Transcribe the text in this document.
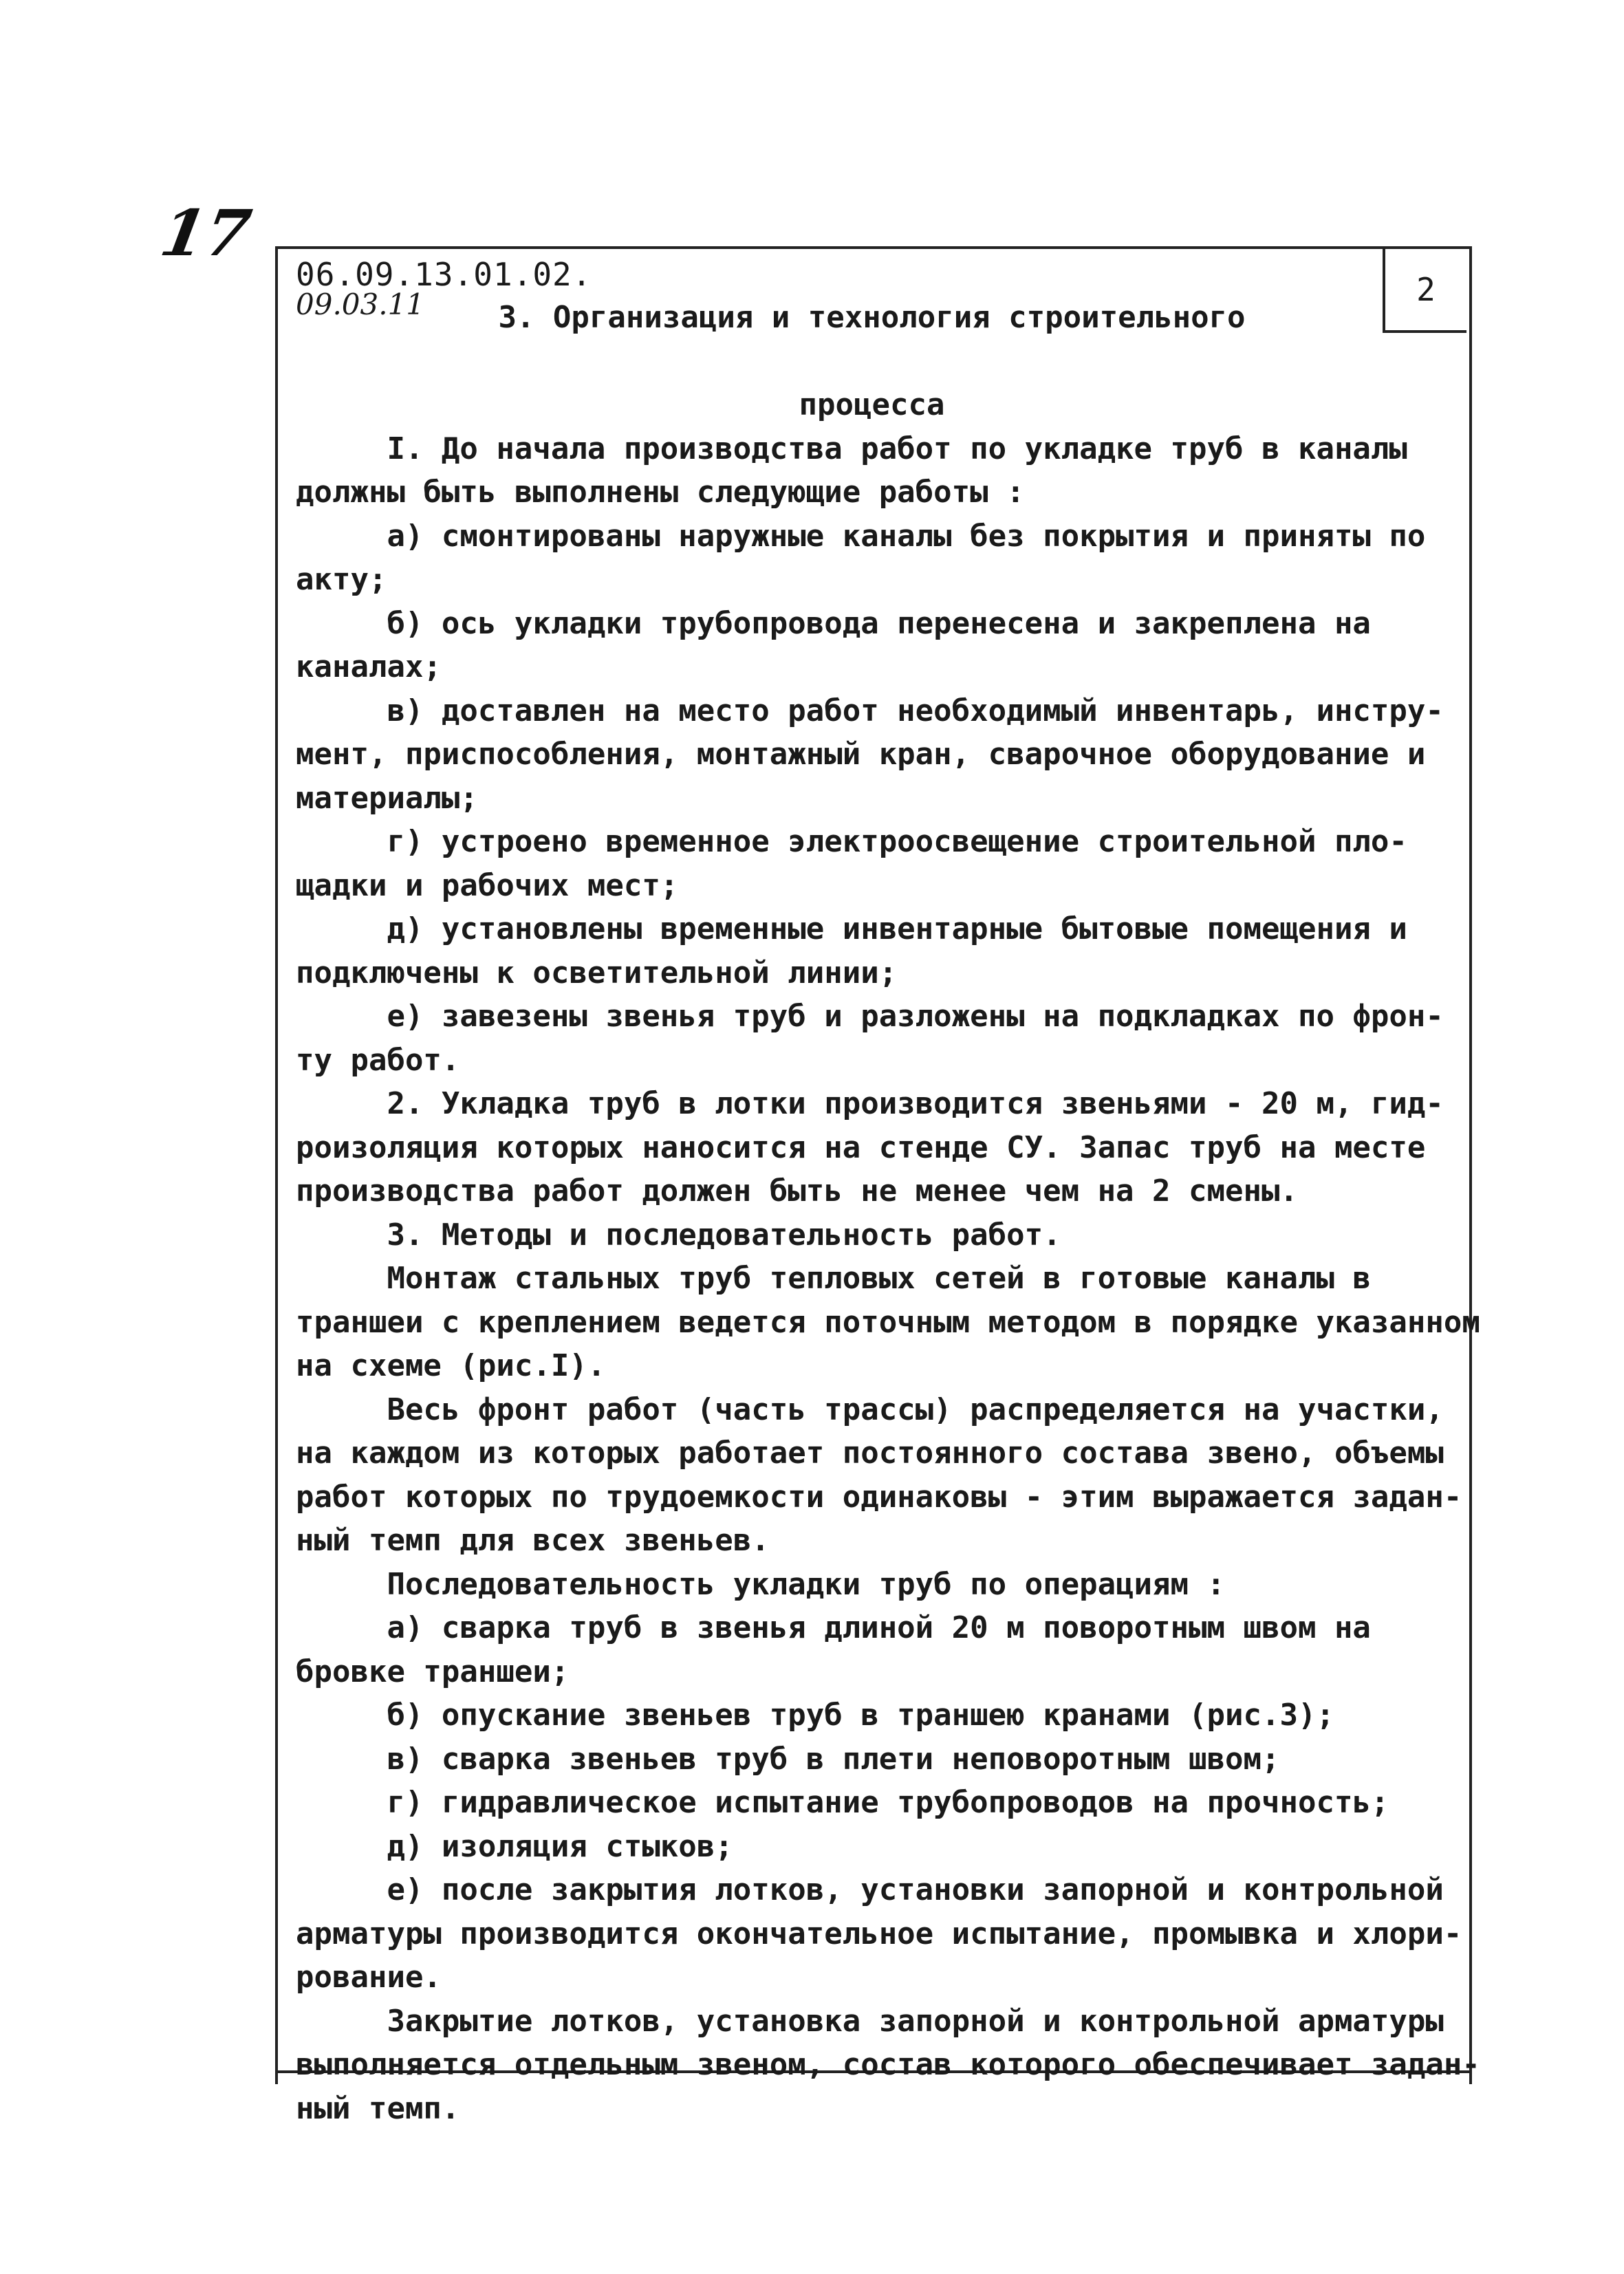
17
2
06.09.13.01.02.
09.03.11	3. Организация и технология строительного

процесса
I. До начала производства работ по укладке труб в каналы
должны быть выполнены следующие работы :
а) смонтированы наружные каналы без покрытия и приняты по
акту;
б) ось укладки трубопровода перенесена и закреплена на
каналах;
в) доставлен на место работ необходимый инвентарь, инстру-
мент, приспособления, монтажный кран, сварочное оборудование и
материалы;
г) устроено временное электроосвещение строительной пло-
щадки и рабочих мест;
д) установлены временные инвентарные бытовые помещения и
подключены к осветительной линии;
е) завезены звенья труб и разложены на подкладках по фрон-
ту работ.
2. Укладка труб в лотки производится звеньями - 20 м, гид-
роизоляция которых наносится на стенде СУ. Запас труб на месте
производства работ должен быть не менее чем на 2 смены.
3. Методы и последовательность работ.
Монтаж стальных труб тепловых сетей в готовые каналы в
траншеи с креплением ведется поточным методом в порядке указанном
на схеме (рис.I).
Весь фронт работ (часть трассы) распределяется на участки,
на каждом из которых работает постоянного состава звено, объемы
работ которых по трудоемкости одинаковы - этим выражается задан-
ный темп для всех звеньев.
Последовательность укладки труб по операциям :
а) сварка труб в звенья длиной 20 м поворотным швом на
бровке траншеи;
б) опускание звеньев труб в траншею кранами (рис.3);
в) сварка звеньев труб в плети неповоротным швом;
г) гидравлическое испытание трубопроводов на прочность;
д) изоляция стыков;
е) после закрытия лотков, установки запорной и контрольной
арматуры производится окончательное испытание, промывка и хлори-
рование.
Закрытие лотков, установка запорной и контрольной арматуры
выполняется отдельным звеном, состав которого обеспечивает задан-
ный темп.
